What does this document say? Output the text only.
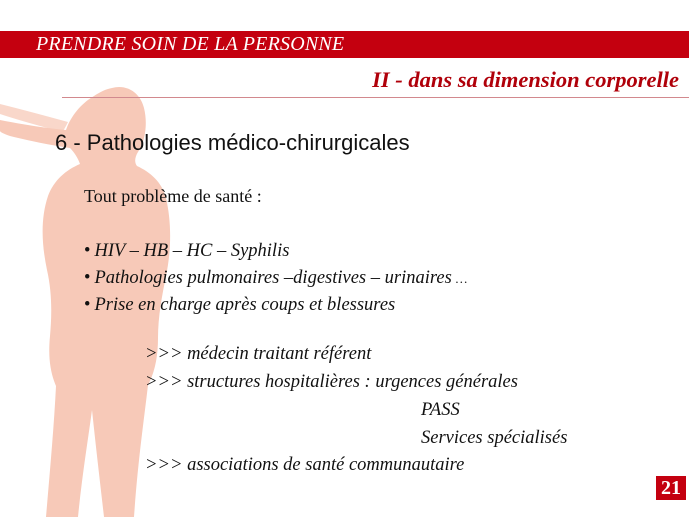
PRENDRE SOIN DE LA PERSONNE
II - dans sa dimension corporelle
6 - Pathologies médico-chirurgicales
Tout problème de santé :
• HIV – HB – HC – Syphilis
• Pathologies pulmonaires –digestives – urinaires …
• Prise en charge après coups et blessures
>>> médecin traitant référent
>>> structures hospitalières : urgences générales
PASS
Services spécialisés
>>> associations de santé communautaire
21
